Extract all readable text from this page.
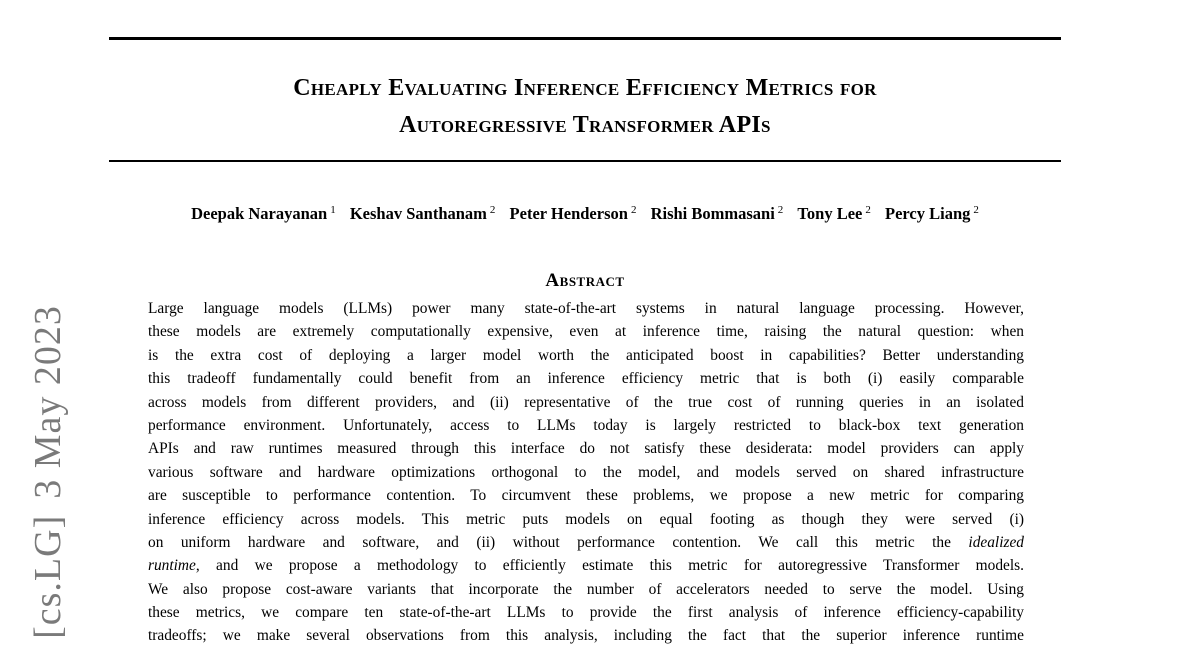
Cheaply Evaluating Inference Efficiency Metrics for
Autoregressive Transformer APIs
Deepak Narayanan $^1$ Keshav Santhanam $^2$ Peter Henderson $^2$ Rishi Bommasani $^2$ Tony Lee $^2$ Percy Liang $^2$
Abstract
Large language models (LLMs) power many state-of-the-art systems in natural language processing. However,
these models are extremely computationally expensive, even at inference time, raising the natural question: when
is the extra cost of deploying a larger model worth the anticipated boost in capabilities? Better understanding
this tradeoff fundamentally could benefit from an inference efficiency metric that is both (i) easily comparable
across models from different providers, and (ii) representative of the true cost of running queries in an isolated
performance environment. Unfortunately, access to LLMs today is largely restricted to black-box text generation
APIs and raw runtimes measured through this interface do not satisfy these desiderata: model providers can apply
various software and hardware optimizations orthogonal to the model, and models served on shared infrastructure
are susceptible to performance contention. To circumvent these problems, we propose a new metric for comparing
inference efficiency across models. This metric puts models on equal footing as though they were served (i)
on uniform hardware and software, and (ii) without performance contention. We call this metric the idealized
runtime, and we propose a methodology to efficiently estimate this metric for autoregressive Transformer models.
We also propose cost-aware variants that incorporate the number of accelerators needed to serve the model. Using
these metrics, we compare ten state-of-the-art LLMs to provide the first analysis of inference efficiency-capability
tradeoffs; we make several observations from this analysis, including the fact that the superior inference runtime
[cs.LG]3 May 2023
